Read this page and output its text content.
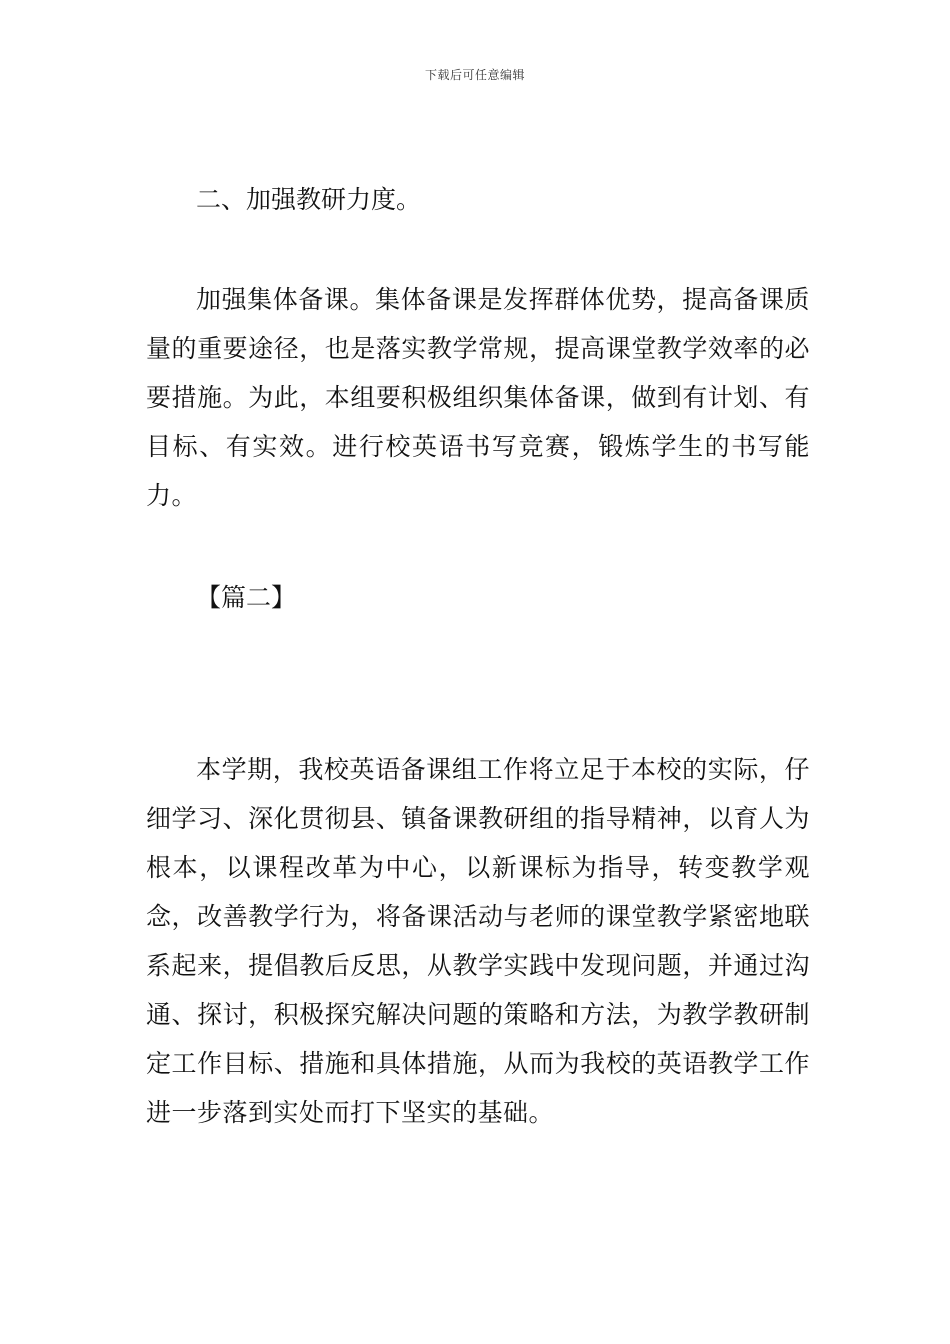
下载后可任意编辑
二、加强教研力度。

加强集体备课。集体备课是发挥群体优势，提高备课质量的重要途径，也是落实教学常规，提高课堂教学效率的必要措施。为此，本组要积极组织集体备课，做到有计划、有目标、有实效。进行校英语书写竞赛，锻炼学生的书写能力。

【篇二】

本学期，我校英语备课组工作将立足于本校的实际，仔细学习、深化贯彻县、镇备课教研组的指导精神，以育人为根本，以课程改革为中心，以新课标为指导，转变教学观念，改善教学行为，将备课活动与老师的课堂教学紧密地联系起来，提倡教后反思，从教学实践中发现问题，并通过沟通、探讨，积极探究解决问题的策略和方法，为教学教研制定工作目标、措施和具体措施，从而为我校的英语教学工作进一步落到实处而打下坚实的基础。
